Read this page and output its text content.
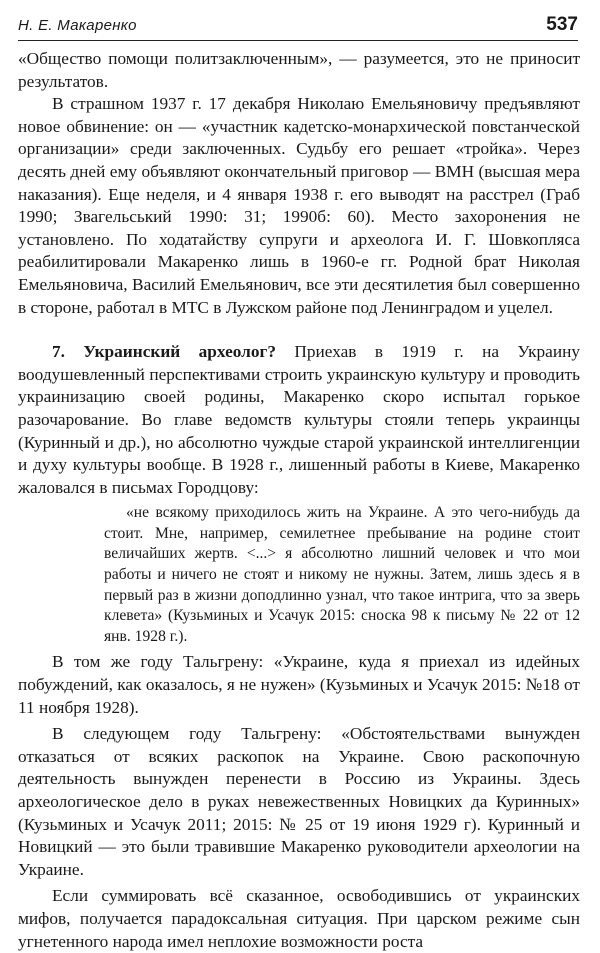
Н. Е. Макаренко	537

«Общество помощи политзаключенным», — разумеется, это не приносит результатов.

В страшном 1937 г. 17 декабря Николаю Емельяновичу предъявляют новое обвинение: он — «участник кадетско-монархической повстанческой организации» среди заключенных. Судьбу его решает «тройка». Через десять дней ему объявляют окончательный приговор — ВМН (высшая мера наказания). Еще неделя, и 4 января 1938 г. его выводят на расстрел (Граб 1990; Звагельський 1990: 31; 1990б: 60). Место захоронения не установлено. По ходатайству супруги и археолога И. Г. Шовкопляса реабилитировали Макаренко лишь в 1960-е гг. Родной брат Николая Емельяновича, Василий Емельянович, все эти десятилетия был совершенно в стороне, работал в МТС в Лужском районе под Ленинградом и уцелел.

7. Украинский археолог? Приехав в 1919 г. на Украину воодушевленный перспективами строить украинскую культуру и проводить украинизацию своей родины, Макаренко скоро испытал горькое разочарование. Во главе ведомств культуры стояли теперь украинцы (Куринный и др.), но абсолютно чуждые старой украинской интеллигенции и духу культуры вообще. В 1928 г., лишенный работы в Киеве, Макаренко жаловался в письмах Городцову:

«не всякому приходилось жить на Украине. А это чего-нибудь да стоит. Мне, например, семилетнее пребывание на родине стоит величайших жертв. <...> я абсолютно лишний человек и что мои работы и ничего не стоят и никому не нужны. Затем, лишь здесь я в первый раз в жизни доподлинно узнал, что такое интрига, что за зверь клевета» (Кузьминых и Усачук 2015: сноска 98 к письму № 22 от 12 янв. 1928 г.).

В том же году Тальгрену: «Украине, куда я приехал из идейных побуждений, как оказалось, я не нужен» (Кузьминых и Усачук 2015: №18 от 11 ноября 1928).

В следующем году Тальгрену: «Обстоятельствами вынужден отказаться от всяких раскопок на Украине. Свою раскопочную деятельность вынужден перенести в Россию из Украины. Здесь археологическое дело в руках невежественных Новицких да Куринных» (Кузьминых и Усачук 2011; 2015: № 25 от 19 июня 1929 г). Куринный и Новицкий — это были травившие Макаренко руководители археологии на Украине.

Если суммировать всё сказанное, освободившись от украинских мифов, получается парадоксальная ситуация. При царском режиме сын угнетенного народа имел неплохие возможности роста
